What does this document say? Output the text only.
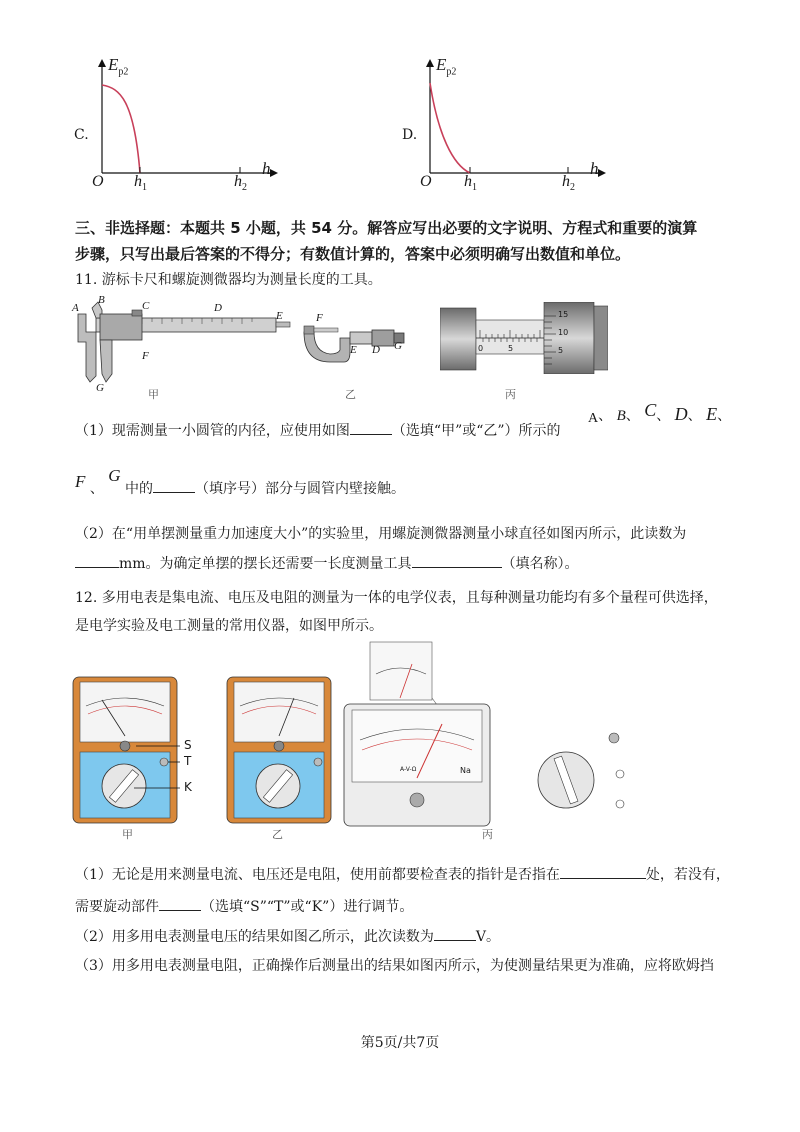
C.
$E_{p2}$
O $h_1$	$h_2$
h
D.
$E_{p2}$
O $h_1$	$h_2$
h
三、非选择题：本题共 5 小题，共 54 分。解答应写出必要的文字说明、方程式和重要的演算
步骤，只写出最后答案的不得分；有数值计算的，答案中必须明确写出数值和单位。
11. 游标卡尺和螺旋测微器均为测量长度的工具。
A
B	C	D
E
F
G	甲
F
E D G
乙
15
10
5
0	5
丙
（1）现需测量一小圆管的内径，应使用如图	（选填“甲”或“乙”）所示的
A、 B、 C、 D、 E、
F 、 G 中的	（填序号）部分与圆管内壁接触。
（2）在“用单摆测量重力加速度大小”的实验里，用螺旋测微器测量小球直径如图丙所示，此读数为
mm。为确定单摆的摆长还需要一长度测量工具	（填名称）。
12. 多用电表是集电流、电压及电阻的测量为一体的电学仪表，且每种测量功能均有多个量程可供选择，
是电学实验及电工测量的常用仪器，如图甲所示。
S
T
K
甲	乙
A-V-Ω	Na
丙
（1）无论是用来测量电流、电压还是电阻，使用前都要检查表的指针是否指在	处，若没有，
需要旋动部件	（选填“S”“T”或“K”）进行调节。
（2）用多用电表测量电压的结果如图乙所示，此次读数为	V。
（3）用多用电表测量电阻，正确操作后测量出的结果如图丙所示，为使测量结果更为准确，应将欧姆挡
第5页/共7页
